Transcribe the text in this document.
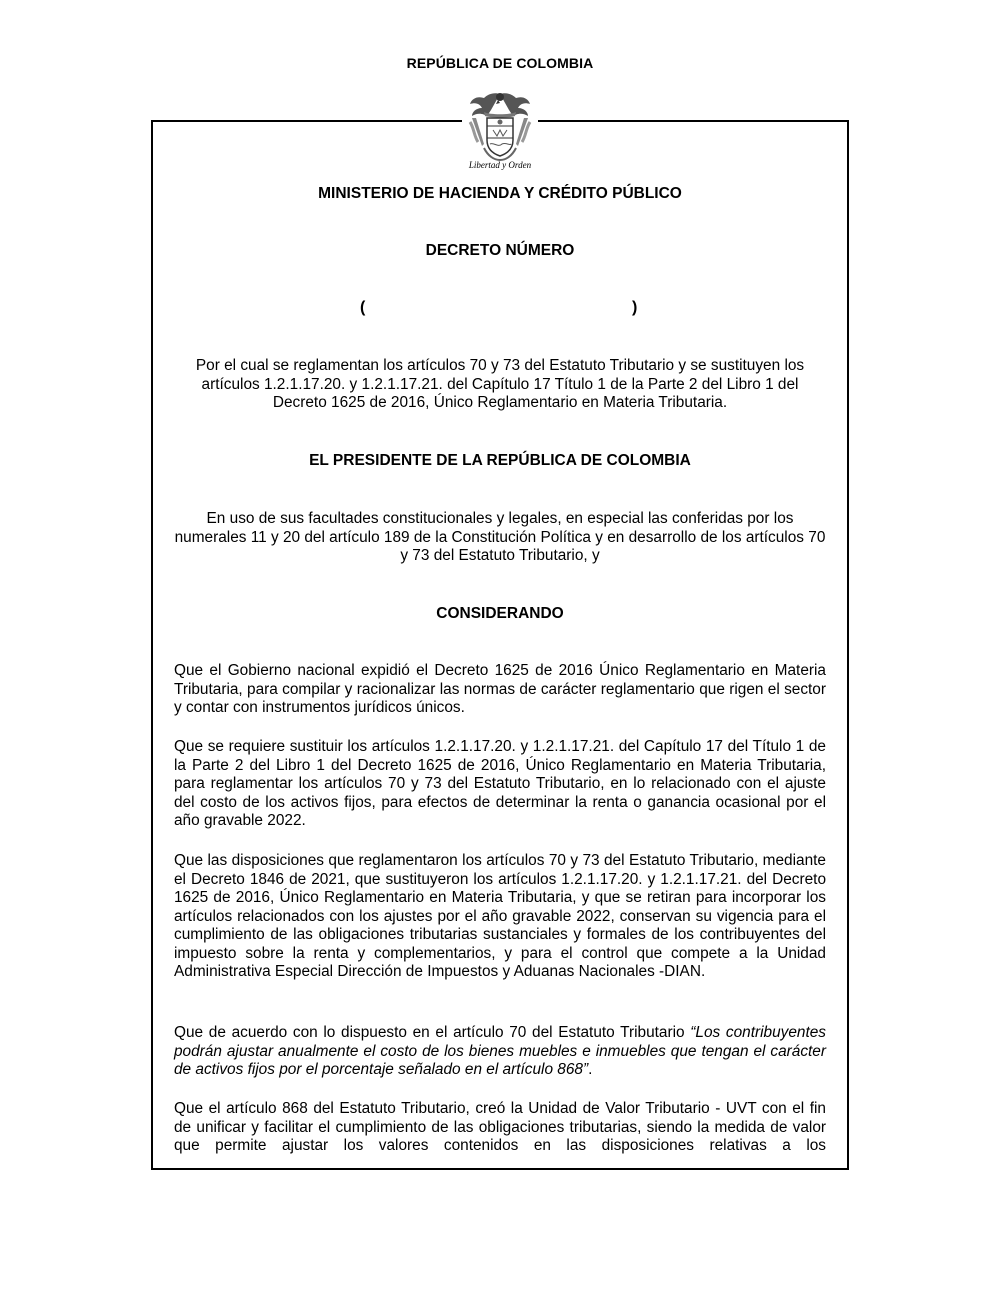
REPÚBLICA DE COLOMBIA
Libertad y Orden
MINISTERIO DE HACIENDA Y CRÉDITO PÚBLICO
DECRETO NÚMERO
(	)
Por el cual se reglamentan los artículos 70 y 73 del Estatuto Tributario y se sustituyen los artículos 1.2.1.17.20. y 1.2.1.17.21. del Capítulo 17 Título 1 de la Parte 2 del Libro 1 del Decreto 1625 de 2016, Único Reglamentario en Materia Tributaria.
EL PRESIDENTE DE LA REPÚBLICA DE COLOMBIA
En uso de sus facultades constitucionales y legales, en especial las conferidas por los numerales 11 y 20 del artículo 189 de la Constitución Política y en desarrollo de los artículos 70 y 73 del Estatuto Tributario, y
CONSIDERANDO
Que el Gobierno nacional expidió el Decreto 1625 de 2016 Único Reglamentario en Materia Tributaria, para compilar y racionalizar las normas de carácter reglamentario que rigen el sector y contar con instrumentos jurídicos únicos.
Que se requiere sustituir los artículos 1.2.1.17.20. y 1.2.1.17.21. del Capítulo 17 del Título 1 de la Parte 2 del Libro 1 del Decreto 1625 de 2016, Único Reglamentario en Materia Tributaria, para reglamentar los artículos 70 y 73 del Estatuto Tributario, en lo relacionado con el ajuste del costo de los activos fijos, para efectos de determinar la renta o ganancia ocasional por el año gravable 2022.
Que las disposiciones que reglamentaron los artículos 70 y 73 del Estatuto Tributario, mediante el Decreto 1846 de 2021, que sustituyeron los artículos 1.2.1.17.20. y 1.2.1.17.21. del Decreto 1625 de 2016, Único Reglamentario en Materia Tributaria, y que se retiran para incorporar los artículos relacionados con los ajustes por el año gravable 2022, conservan su vigencia para el cumplimiento de las obligaciones tributarias sustanciales y formales de los contribuyentes del impuesto sobre la renta y complementarios, y para el control que compete a la Unidad Administrativa Especial Dirección de Impuestos y Aduanas Nacionales -DIAN.
Que de acuerdo con lo dispuesto en el artículo 70 del Estatuto Tributario “Los contribuyentes podrán ajustar anualmente el costo de los bienes muebles e inmuebles que tengan el carácter de activos fijos por el porcentaje señalado en el artículo 868”.
Que el artículo 868 del Estatuto Tributario, creó la Unidad de Valor Tributario - UVT con el fin de unificar y facilitar el cumplimiento de las obligaciones tributarias, siendo la medida de valor que permite ajustar los valores contenidos en las disposiciones relativas a los
